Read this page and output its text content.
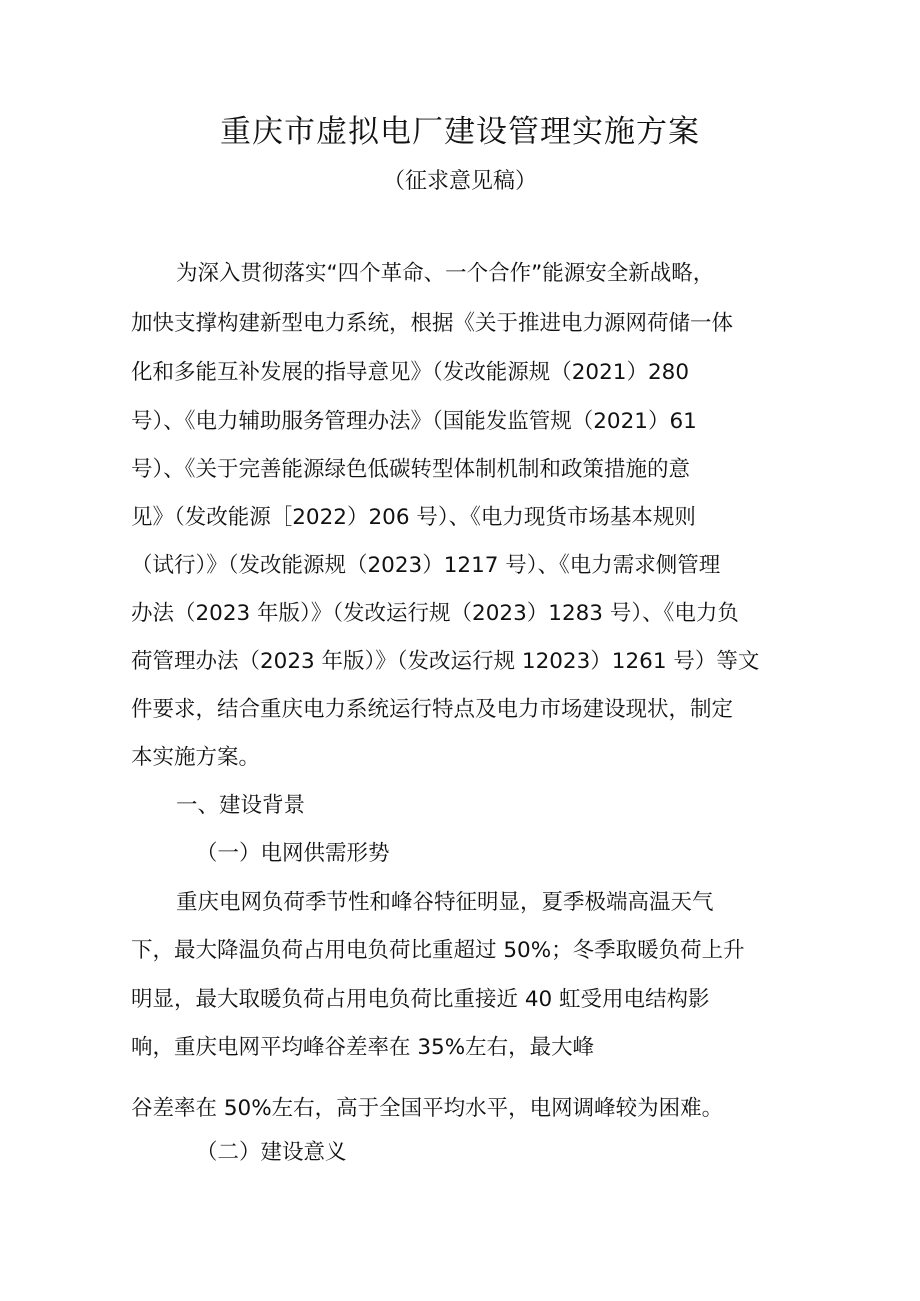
重庆市虚拟电厂建设管理实施方案
（征求意见稿）
为深入贯彻落实“四个革命、一个合作”能源安全新战略，
加快支撑构建新型电力系统，根据《关于推进电力源网荷储一体
化和多能互补发展的指导意见》（发改能源规（2021）280
号）、《电力辅助服务管理办法》（国能发监管规（2021）61
号）、《关于完善能源绿色低碳转型体制机制和政策措施的意
见》（发改能源［2022）206 号）、《电力现货市场基本规则
（试行）》（发改能源规（2023）1217 号）、《电力需求侧管理
办法（2023 年版）》（发改运行规（2023）1283 号）、《电力负
荷管理办法（2023 年版）》（发改运行规 12023）1261 号）等文
件要求，结合重庆电力系统运行特点及电力市场建设现状，制定
本实施方案。
一、建设背景
（一）电网供需形势
重庆电网负荷季节性和峰谷特征明显，夏季极端高温天气
下，最大降温负荷占用电负荷比重超过 50%；冬季取暖负荷上升
明显，最大取暖负荷占用电负荷比重接近 40 虹受用电结构影
响，重庆电网平均峰谷差率在 35%左右，最大峰
谷差率在 50%左右，高于全国平均水平，电网调峰较为困难。
（二）建设意义
